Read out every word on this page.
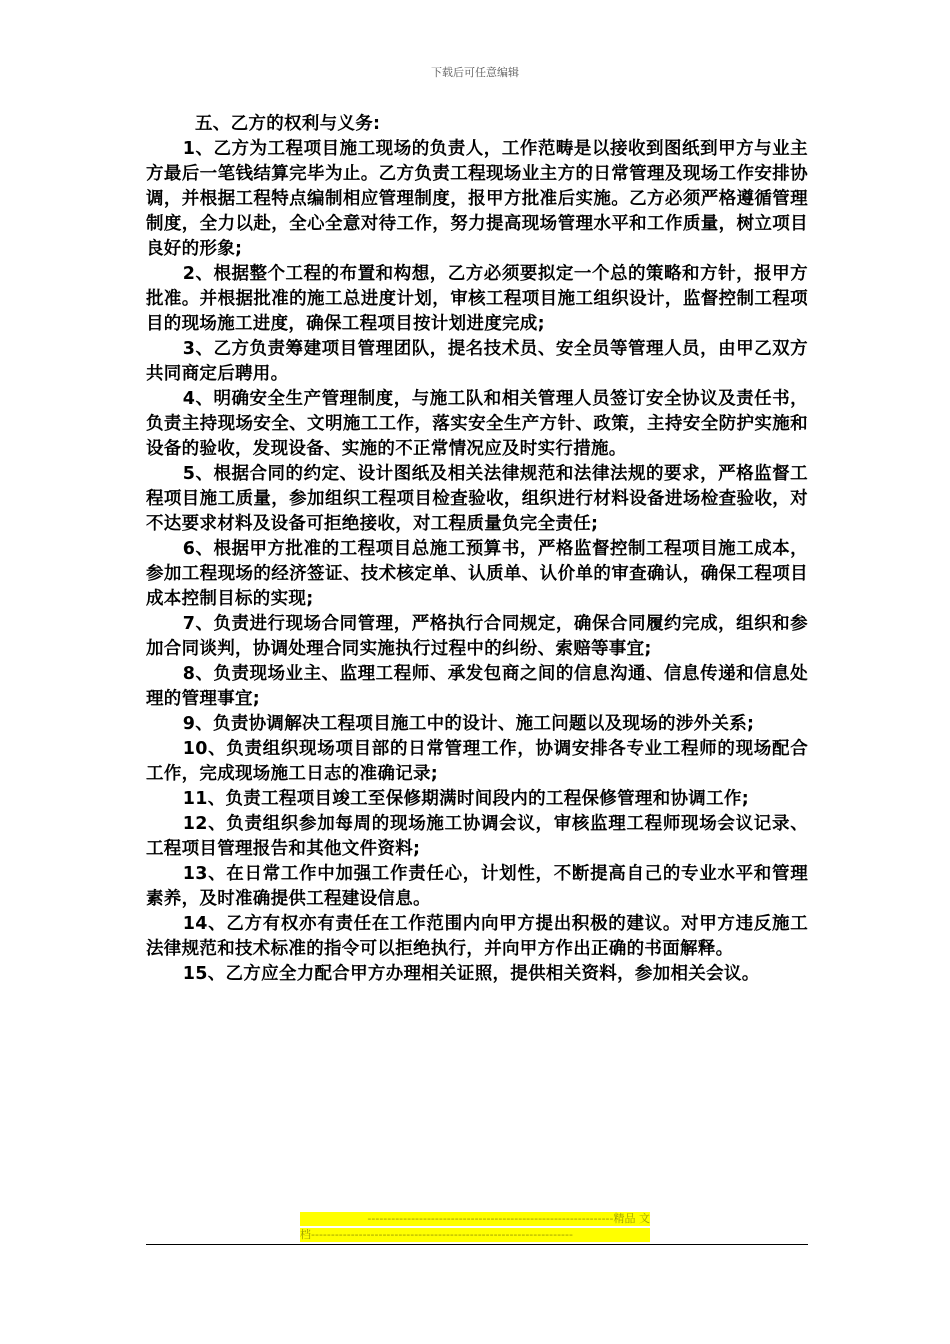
下载后可任意编辑

五、乙方的权利与义务:

1、乙方为工程项目施工现场的负责人，工作范畴是以接收到图纸到甲方与业主方最后一笔钱结算完毕为止。乙方负责工程现场业主方的日常管理及现场工作安排协调，并根据工程特点编制相应管理制度，报甲方批准后实施。乙方必须严格遵循管理制度，全力以赴，全心全意对待工作，努力提高现场管理水平和工作质量，树立项目良好的形象;

2、根据整个工程的布置和构想，乙方必须要拟定一个总的策略和方针，报甲方批准。并根据批准的施工总进度计划，审核工程项目施工组织设计，监督控制工程项目的现场施工进度，确保工程项目按计划进度完成;

3、乙方负责筹建项目管理团队，提名技术员、安全员等管理人员，由甲乙双方共同商定后聘用。

4、明确安全生产管理制度，与施工队和相关管理人员签订安全协议及责任书，负责主持现场安全、文明施工工作，落实安全生产方针、政策，主持安全防护实施和设备的验收，发现设备、实施的不正常情况应及时实行措施。

5、根据合同的约定、设计图纸及相关法律规范和法律法规的要求，严格监督工程项目施工质量，参加组织工程项目检查验收，组织进行材料设备进场检查验收，对不达要求材料及设备可拒绝接收，对工程质量负完全责任;

6、根据甲方批准的工程项目总施工预算书，严格监督控制工程项目施工成本，参加工程现场的经济签证、技术核定单、认质单、认价单的审查确认，确保工程项目成本控制目标的实现;

7、负责进行现场合同管理，严格执行合同规定，确保合同履约完成，组织和参加合同谈判，协调处理合同实施执行过程中的纠纷、索赔等事宜;

8、负责现场业主、监理工程师、承发包商之间的信息沟通、信息传递和信息处理的管理事宜;

9、负责协调解决工程项目施工中的设计、施工问题以及现场的涉外关系;

10、负责组织现场项目部的日常管理工作，协调安排各专业工程师的现场配合工作，完成现场施工日志的准确记录;

11、负责工程项目竣工至保修期满时间段内的工程保修管理和协调工作;

12、负责组织参加每周的现场施工协调会议，审核监理工程师现场会议记录、工程项目管理报告和其他文件资料;

13、在日常工作中加强工作责任心，计划性，不断提高自己的专业水平和管理素养，及时准确提供工程建设信息。

14、乙方有权亦有责任在工作范围内向甲方提出积极的建议。对甲方违反施工法律规范和技术标准的指令可以拒绝执行，并向甲方作出正确的书面解释。

15、乙方应全力配合甲方办理相关证照，提供相关资料，参加相关会议。

--------------------------------------------------------------精品 文
档------------------------------------------------------------------
